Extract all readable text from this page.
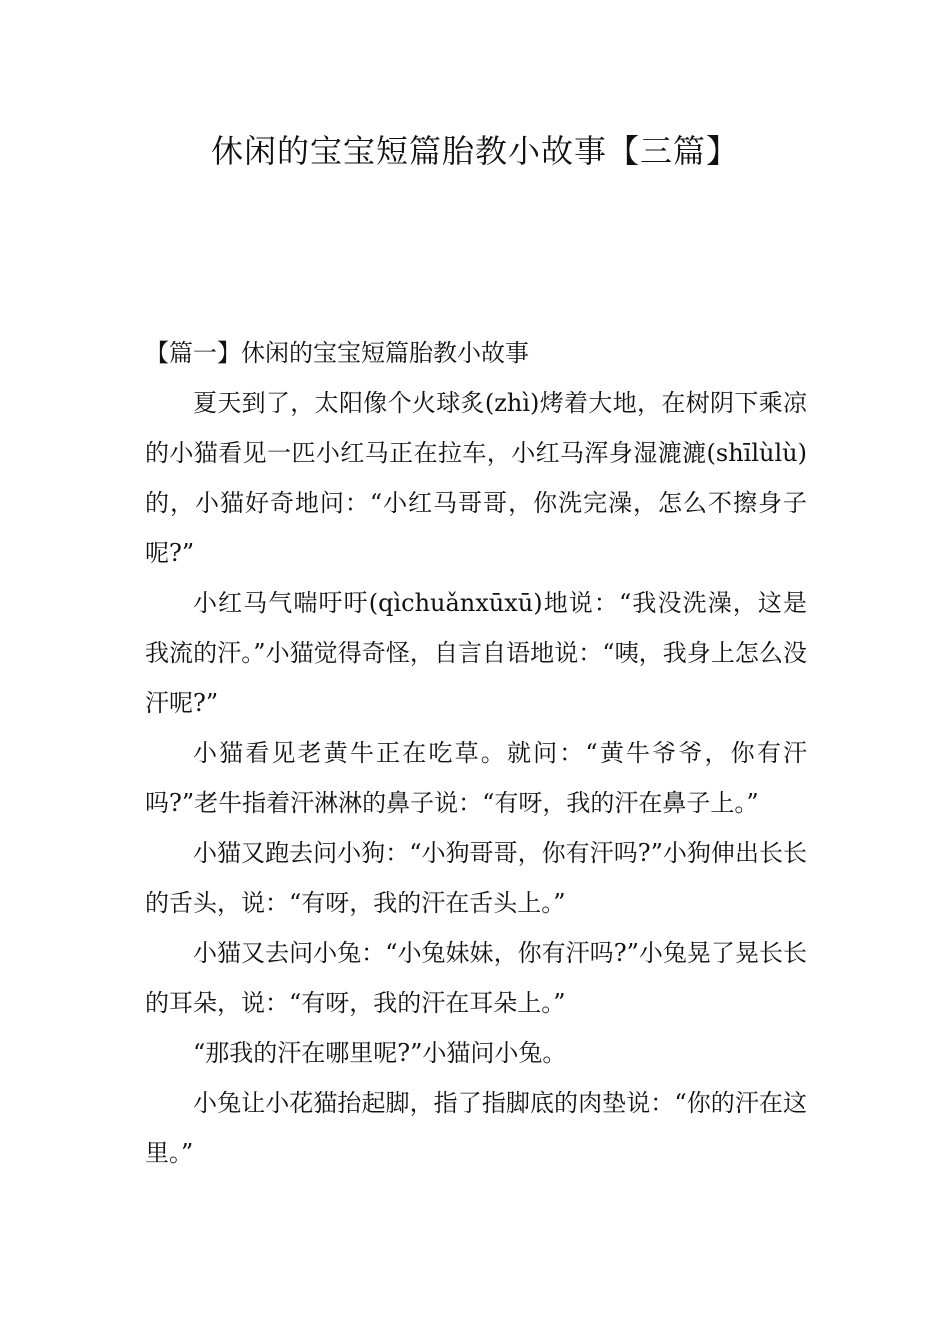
休闲的宝宝短篇胎教小故事【三篇】
【篇一】休闲的宝宝短篇胎教小故事

夏天到了，太阳像个火球炙(zhì)烤着大地，在树阴下乘凉的小猫看见一匹小红马正在拉车，小红马浑身湿漉漉(shīlùlù)的，小猫好奇地问：“小红马哥哥，你洗完澡，怎么不擦身子呢?”

小红马气喘吁吁(qìchuǎnxūxū)地说：“我没洗澡，这是我流的汗。”小猫觉得奇怪，自言自语地说：“咦，我身上怎么没汗呢?”

小猫看见老黄牛正在吃草。就问：“黄牛爷爷，你有汗吗?”老牛指着汗淋淋的鼻子说：“有呀，我的汗在鼻子上。”

小猫又跑去问小狗：“小狗哥哥，你有汗吗?”小狗伸出长长的舌头，说：“有呀，我的汗在舌头上。”

小猫又去问小兔：“小兔妹妹，你有汗吗?”小兔晃了晃长长的耳朵，说：“有呀，我的汗在耳朵上。”

“那我的汗在哪里呢?”小猫问小兔。

小兔让小花猫抬起脚，指了指脚底的肉垫说：“你的汗在这里。”
